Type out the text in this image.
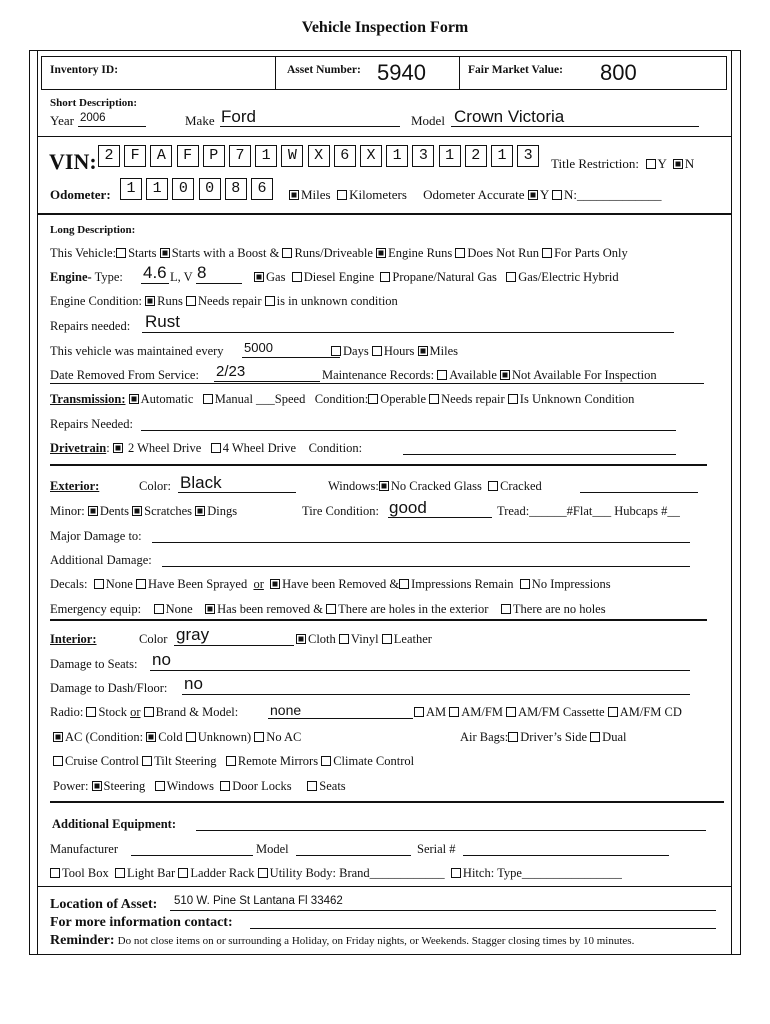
Vehicle Inspection Form
Inventory ID:	Asset Number: 5940	Fair Market Value: 800
Short Description:
Year 2006	Make Ford	Model Crown Victoria
VIN: 2	F	A	F	P	7	1	W	X	6	X	1	3	1	2	1	3	Title Restriction: Y N
Odometer:	1	1	0	0	8	6	Miles Kilometers Odometer Accurate Y N:_____________
Long Description:
This Vehicle: Starts Starts with a Boost & Runs/Driveable Engine Runs Does Not Run For Parts Only
Engine- Type: 4.6 L, V 8	Gas Diesel Engine Propane/Natural Gas Gas/Electric Hybrid
Engine Condition: Runs Needs repair is in unknown condition
Repairs needed: Rust
This vehicle was maintained every 5000	Days Hours Miles
Date Removed From Service: 2/23	Maintenance Records: Available Not Available For Inspection
Transmission: Automatic Manual ___Speed Condition: Operable Needs repair Is Unknown Condition
Repairs Needed:
Drivetrain:  2 Wheel Drive 4 Wheel Drive Condition:
Exterior:	Color: Black	Windows: No Cracked Glass Cracked
Minor: Dents Scratches Dings	Tire Condition: good	Tread:______#Flat___ Hubcaps #__
Major Damage to:
Additional Damage:
Decals: None Have Been Sprayed or Have been Removed & Impressions Remain No Impressions
Emergency equip: None Has been removed & There are holes in the exterior There are no holes
Interior:	Color gray	Cloth Vinyl Leather
Damage to Seats: no
Damage to Dash/Floor: no
Radio: Stock or Brand & Model: none	AM AM/FM AM/FM Cassette AM/FM CD
AC (Condition: Cold Unknown) No AC	Air Bags: Driver’s Side Dual
Cruise Control Tilt Steering Remote Mirrors Climate Control
Power: Steering Windows Door Locks Seats
Additional Equipment:
Manufacturer	Model	Serial #
Tool Box Light Bar Ladder Rack Utility Body: Brand____________ Hitch: Type________________
Location of Asset: 510 W. Pine St Lantana Fl 33462
For more information contact:
Reminder: Do not close items on or surrounding a Holiday, on Friday nights, or Weekends. Stagger closing times by 10 minutes.
